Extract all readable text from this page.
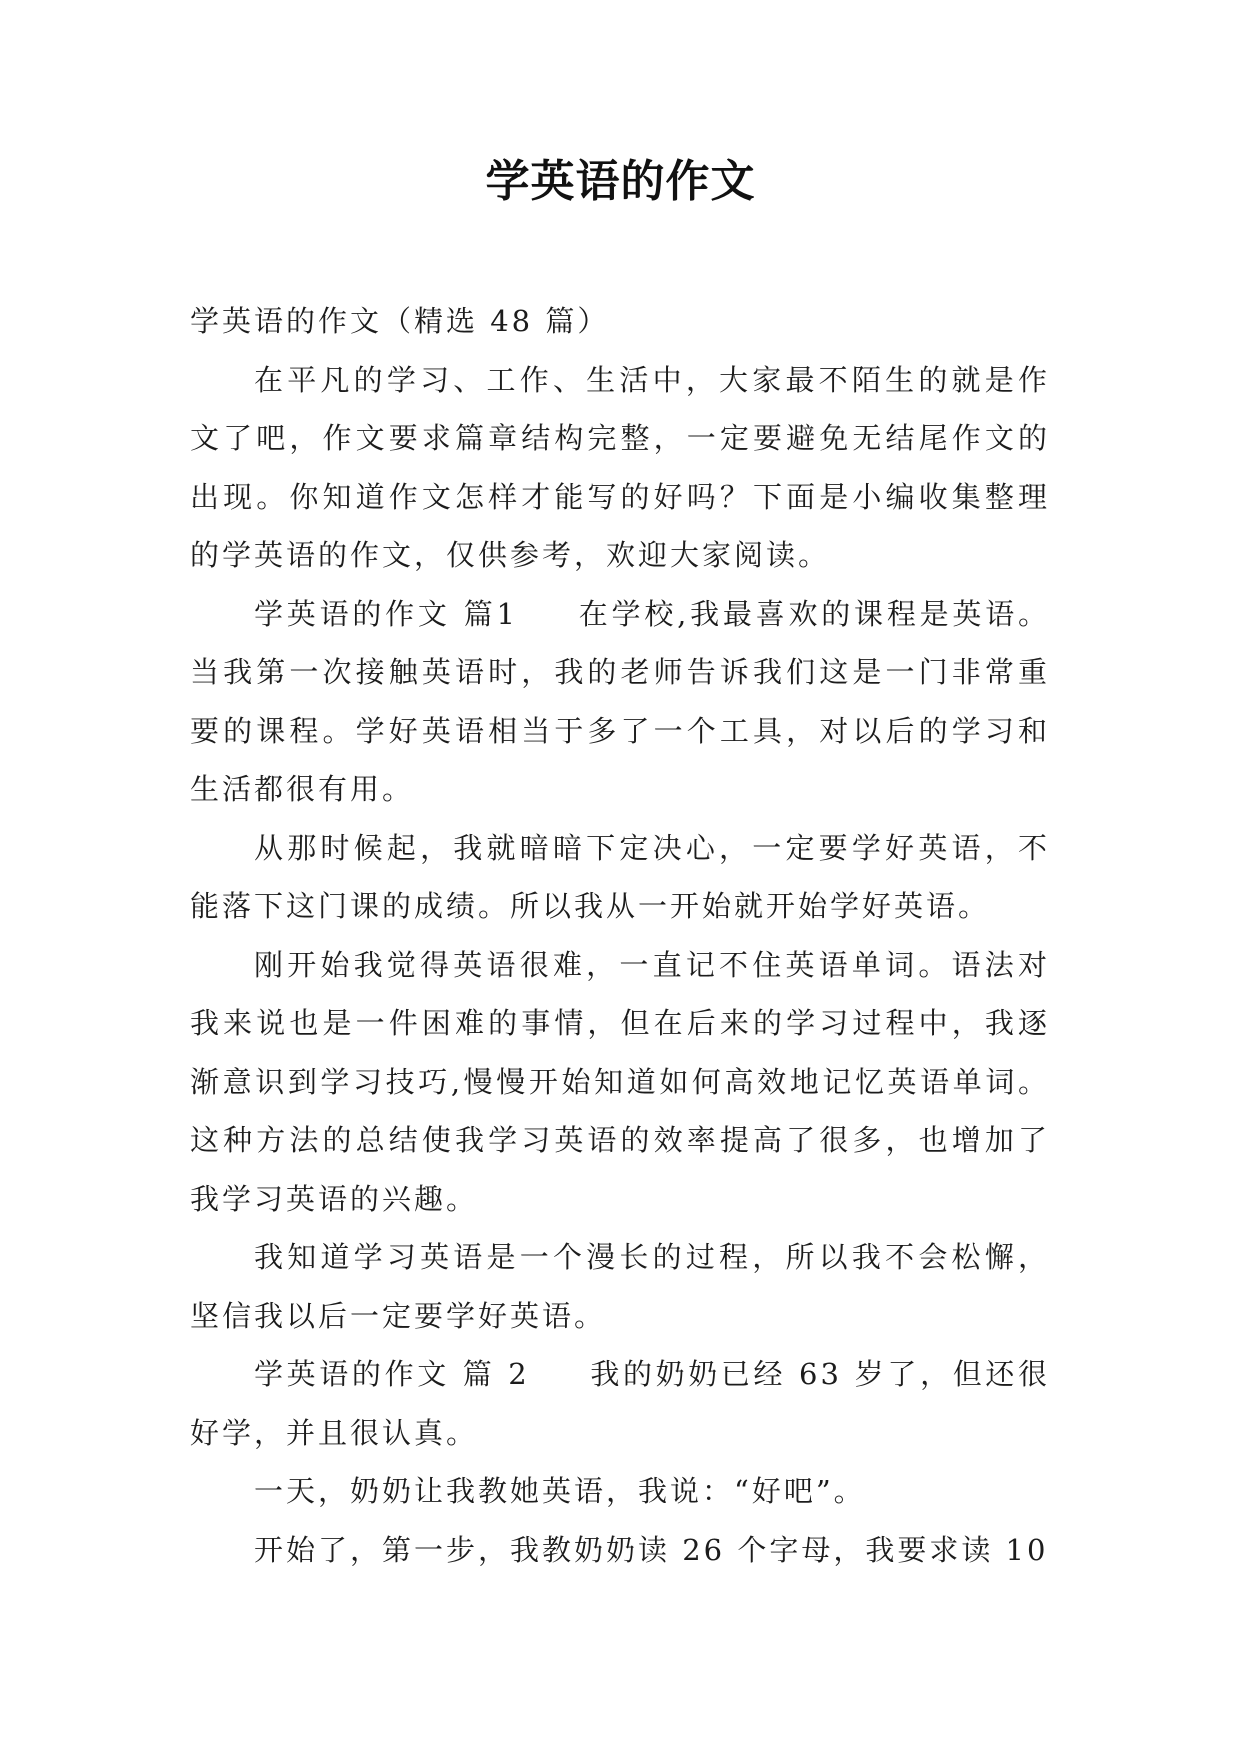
学英语的作文

学英语的作文（精选 48 篇）

在平凡的学习、工作、生活中，大家最不陌生的就是作文了吧，作文要求篇章结构完整，一定要避免无结尾作文的出现。你知道作文怎样才能写的好吗？下面是小编收集整理的学英语的作文，仅供参考，欢迎大家阅读。

学英语的作文 篇1 在学校,我最喜欢的课程是英语。当我第一次接触英语时，我的老师告诉我们这是一门非常重要的课程。学好英语相当于多了一个工具，对以后的学习和生活都很有用。

从那时候起，我就暗暗下定决心，一定要学好英语，不能落下这门课的成绩。所以我从一开始就开始学好英语。

刚开始我觉得英语很难，一直记不住英语单词。语法对我来说也是一件困难的事情，但在后来的学习过程中，我逐渐意识到学习技巧,慢慢开始知道如何高效地记忆英语单词。这种方法的总结使我学习英语的效率提高了很多，也增加了我学习英语的兴趣。

我知道学习英语是一个漫长的过程，所以我不会松懈，坚信我以后一定要学好英语。

学英语的作文 篇 2 我的奶奶已经 63 岁了，但还很好学，并且很认真。

一天，奶奶让我教她英语，我说：“好吧”。

开始了，第一步，我教奶奶读 26 个字母，我要求读 10
